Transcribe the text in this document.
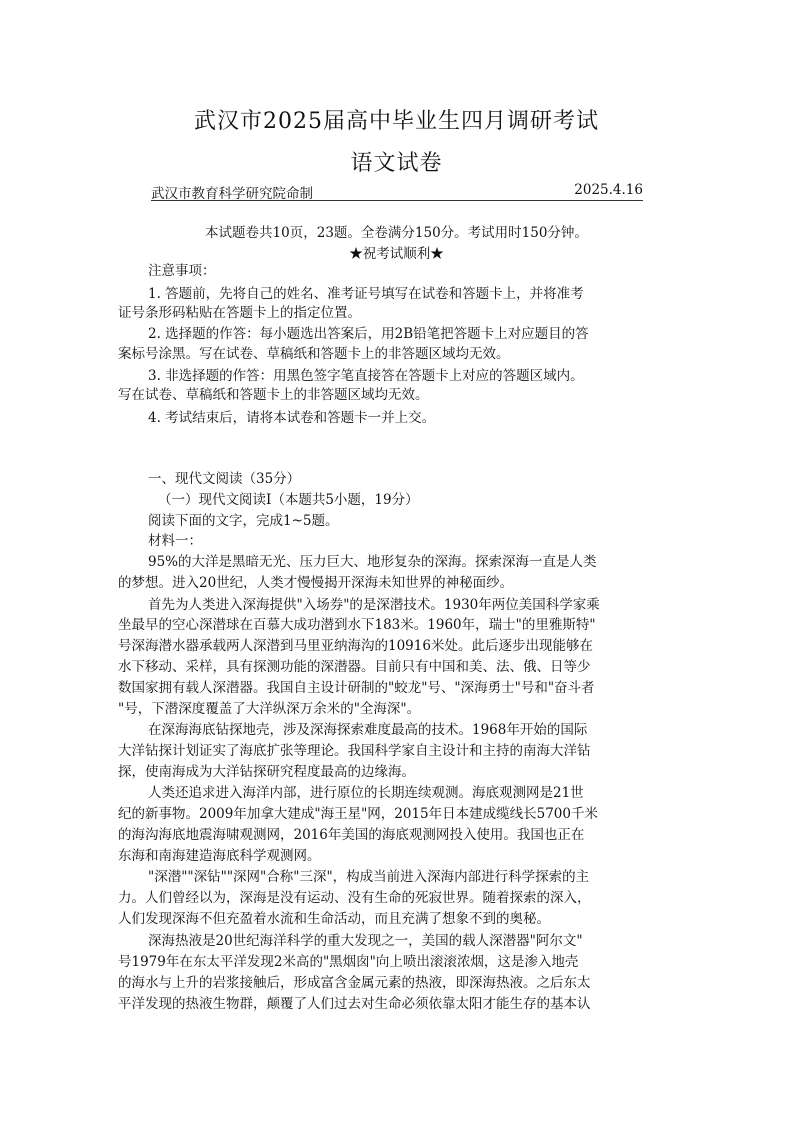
武汉市2025届高中毕业生四月调研考试
语文试卷
武汉市教育科学研究院命制	2025.4.16
本试题卷共10页，23题。全卷满分150分。考试用时150分钟。
★祝考试顺利★
注意事项：
1. 答题前，先将自己的姓名、准考证号填写在试卷和答题卡上，并将准考
证号条形码粘贴在答题卡上的指定位置。
2. 选择题的作答：每小题选出答案后，用2B铅笔把答题卡上对应题目的答
案标号涂黑。写在试卷、草稿纸和答题卡上的非答题区域均无效。
3. 非选择题的作答：用黑色签字笔直接答在答题卡上对应的答题区域内。
写在试卷、草稿纸和答题卡上的非答题区域均无效。
4. 考试结束后，请将本试卷和答题卡一并上交。
一、现代文阅读（35分）
（一）现代文阅读Ⅰ（本题共5小题，19分）
阅读下面的文字，完成1~5题。
材料一：
95%的大洋是黑暗无光、压力巨大、地形复杂的深海。探索深海一直是人类
的梦想。进入20世纪，人类才慢慢揭开深海未知世界的神秘面纱。
首先为人类进入深海提供"入场券"的是深潜技术。1930年两位美国科学家乘
坐最早的空心深潜球在百慕大成功潜到水下183米。1960年，瑞士"的里雅斯特"
号深海潜水器承载两人深潜到马里亚纳海沟的10916米处。此后逐步出现能够在
水下移动、采样，具有探测功能的深潜器。目前只有中国和美、法、俄、日等少
数国家拥有载人深潜器。我国自主设计研制的"蛟龙"号、"深海勇士"号和"奋斗者
"号，下潜深度覆盖了大洋纵深万余米的"全海深"。
在深海海底钻探地壳，涉及深海探索难度最高的技术。1968年开始的国际
大洋钻探计划证实了海底扩张等理论。我国科学家自主设计和主持的南海大洋钻
探，使南海成为大洋钻探研究程度最高的边缘海。
人类还追求进入海洋内部，进行原位的长期连续观测。海底观测网是21世
纪的新事物。2009年加拿大建成"海王星"网，2015年日本建成缆线长5700千米
的海沟海底地震海啸观测网，2016年美国的海底观测网投入使用。我国也正在
东海和南海建造海底科学观测网。
"深潜""深钻""深网"合称"三深"，构成当前进入深海内部进行科学探索的主
力。人们曾经以为，深海是没有运动、没有生命的死寂世界。随着探索的深入，
人们发现深海不但充盈着水流和生命活动，而且充满了想象不到的奥秘。
深海热液是20世纪海洋科学的重大发现之一，美国的载人深潜器"阿尔文"
号1979年在东太平洋发现2米高的"黑烟囱"向上喷出滚滚浓烟，这是渗入地壳
的海水与上升的岩浆接触后，形成富含金属元素的热液，即深海热液。之后东太
平洋发现的热液生物群，颠覆了人们过去对生命必须依靠太阳才能生存的基本认
